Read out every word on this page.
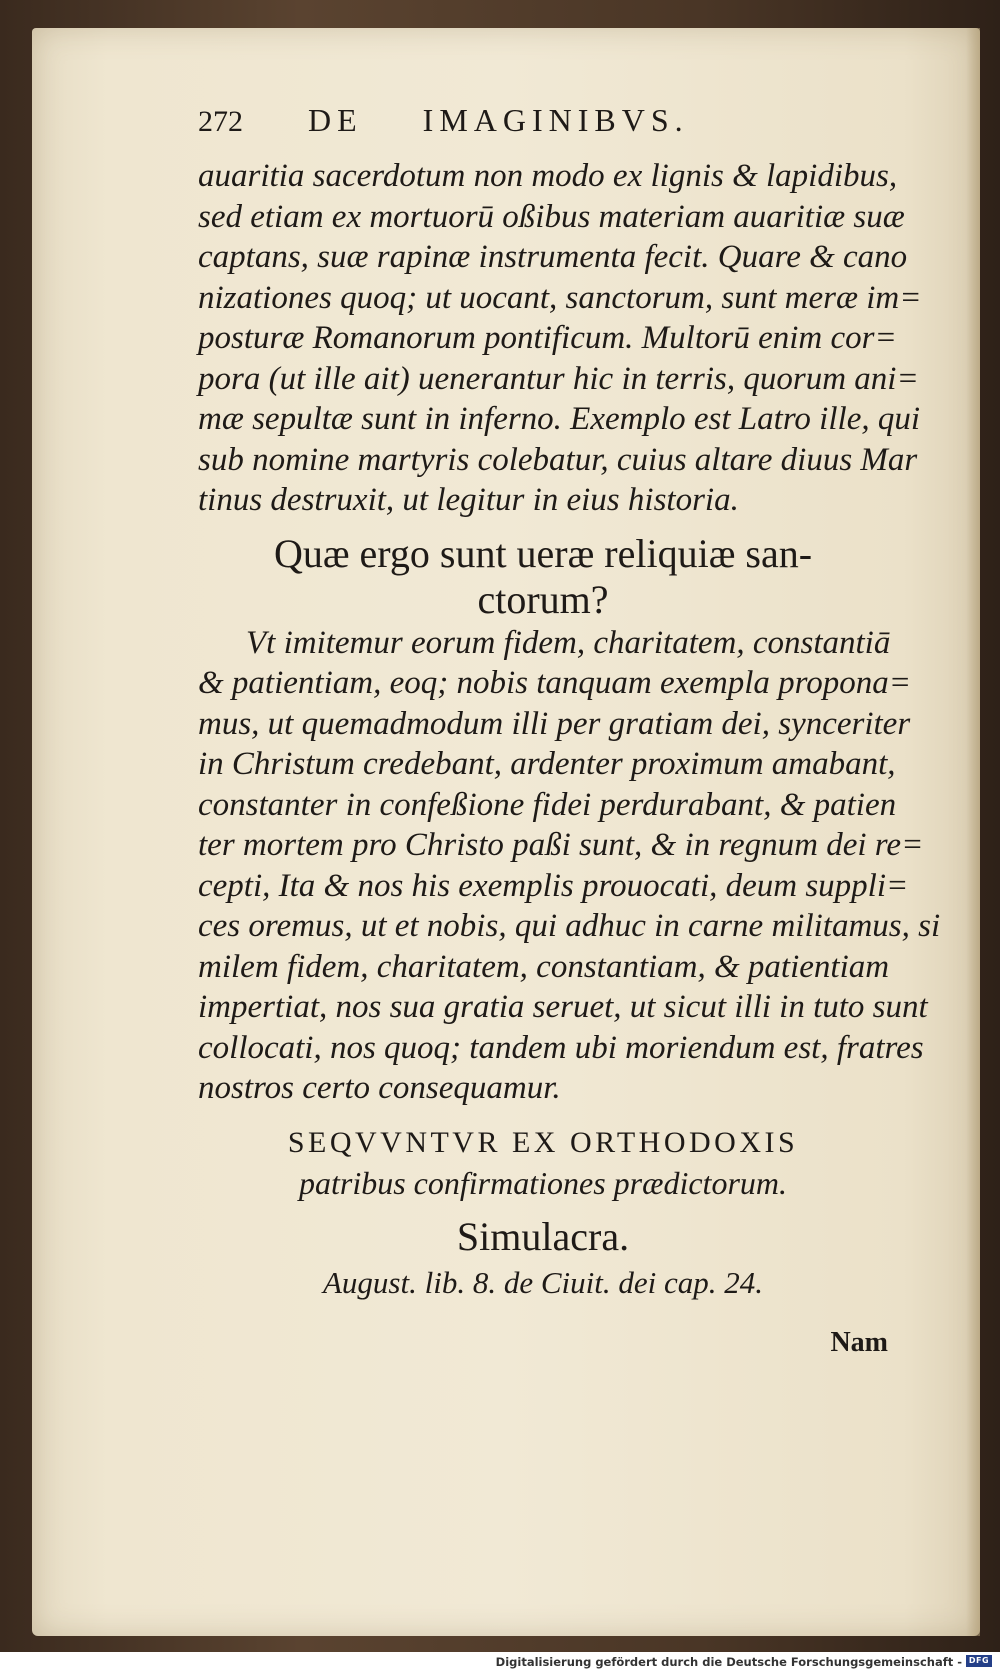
272	DE IMAGINIBVS.
auaritia sacerdotum non modo ex lignis & lapidibus,
sed etiam ex mortuorū oßibus materiam auaritiæ suæ
captans, suæ rapinæ instrumenta fecit. Quare & cano
nizationes quoq; ut uocant, sanctorum, sunt meræ im=
posturæ Romanorum pontificum. Multorū enim cor=
pora (ut ille ait) uenerantur hic in terris, quorum ani=
mæ sepultæ sunt in inferno. Exemplo est Latro ille, qui
sub nomine martyris colebatur, cuius altare diuus Mar
tinus destruxit, ut legitur in eius historia.
Quæ ergo sunt ueræ reliquiæ san-
ctorum?
Vt imitemur eorum fidem, charitatem, constantiā
& patientiam, eoq; nobis tanquam exempla propona=
mus, ut quemadmodum illi per gratiam dei, synceriter
in Christum credebant, ardenter proximum amabant,
constanter in confeßione fidei perdurabant, & patien
ter mortem pro Christo paßi sunt, & in regnum dei re=
cepti, Ita & nos his exemplis prouocati, deum suppli=
ces oremus, ut et nobis, qui adhuc in carne militamus, si
milem fidem, charitatem, constantiam, & patientiam
impertiat, nos sua gratia seruet, ut sicut illi in tuto sunt
collocati, nos quoq; tandem ubi moriendum est, fratres
nostros certo consequamur.
SEQVVNTVR EX ORTHODOXIS
patribus confirmationes prædictorum.
Simulacra.
August. lib. 8. de Ciuit. dei cap. 24.
Nam
Digitalisierung gefördert durch die Deutsche Forschungsgemeinschaft - DFG
